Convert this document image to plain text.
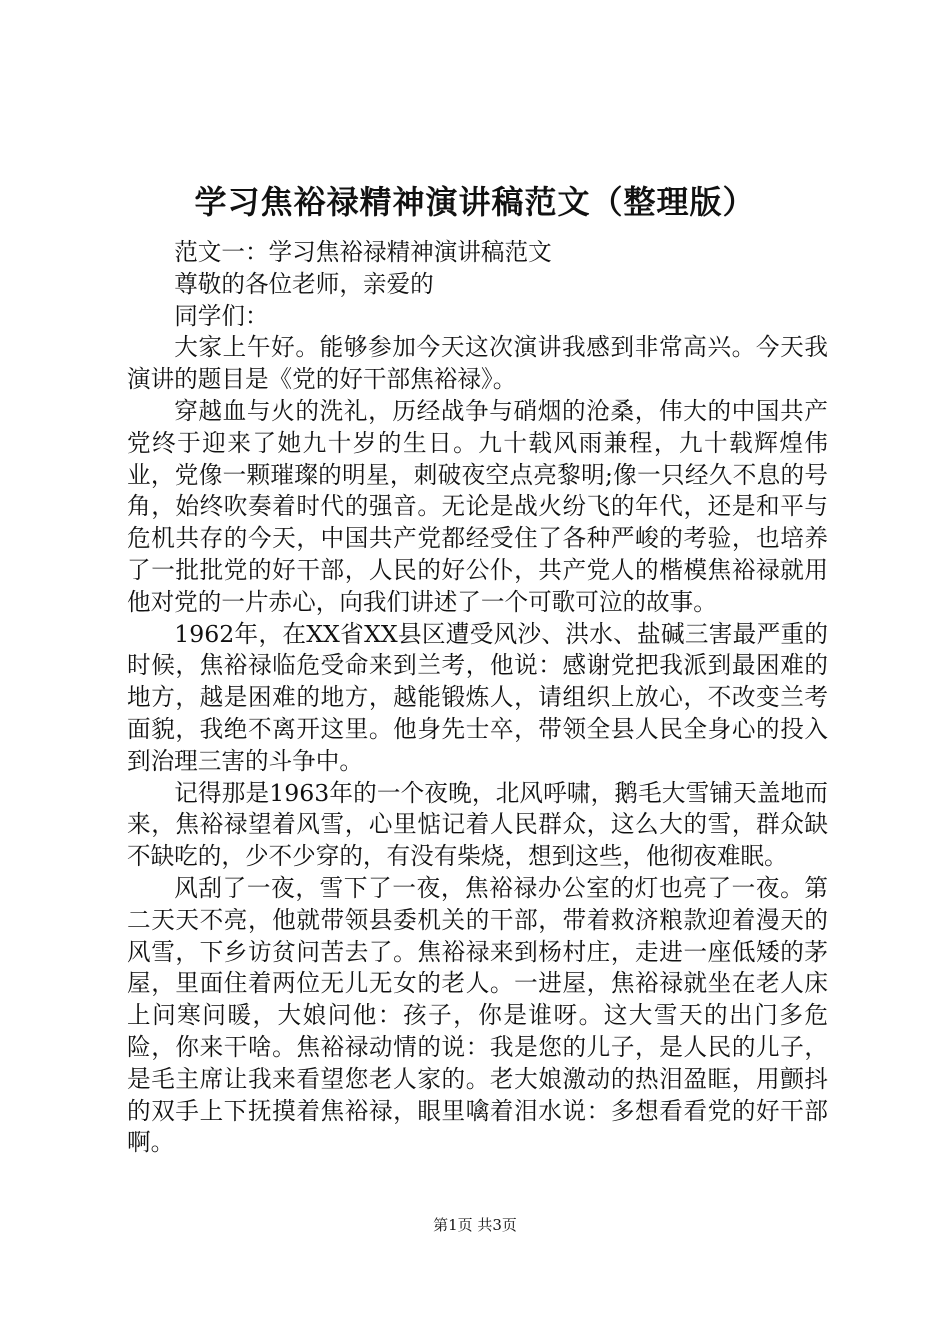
学习焦裕禄精神演讲稿范文（整理版）

范文一：学习焦裕禄精神演讲稿范文

尊敬的各位老师，亲爱的

同学们：

大家上午好。能够参加今天这次演讲我感到非常高兴。今天我演讲的题目是《党的好干部焦裕禄》。

穿越血与火的洗礼，历经战争与硝烟的沧桑，伟大的中国共产党终于迎来了她九十岁的生日。九十载风雨兼程，九十载辉煌伟业，党像一颗璀璨的明星，刺破夜空点亮黎明;像一只经久不息的号角，始终吹奏着时代的强音。无论是战火纷飞的年代，还是和平与危机共存的今天，中国共产党都经受住了各种严峻的考验，也培养了一批批党的好干部，人民的好公仆，共产党人的楷模焦裕禄就用他对党的一片赤心，向我们讲述了一个可歌可泣的故事。

1962年，在XX省XX县区遭受风沙、洪水、盐碱三害最严重的时候，焦裕禄临危受命来到兰考，他说：感谢党把我派到最困难的地方，越是困难的地方，越能锻炼人，请组织上放心，不改变兰考面貌，我绝不离开这里。他身先士卒，带领全县人民全身心的投入到治理三害的斗争中。

记得那是1963年的一个夜晚，北风呼啸，鹅毛大雪铺天盖地而来，焦裕禄望着风雪，心里惦记着人民群众，这么大的雪，群众缺不缺吃的，少不少穿的，有没有柴烧，想到这些，他彻夜难眠。

风刮了一夜，雪下了一夜，焦裕禄办公室的灯也亮了一夜。第二天天不亮，他就带领县委机关的干部，带着救济粮款迎着漫天的风雪，下乡访贫问苦去了。焦裕禄来到杨村庄，走进一座低矮的茅屋，里面住着两位无儿无女的老人。一进屋，焦裕禄就坐在老人床上问寒问暖，大娘问他：孩子，你是谁呀。这大雪天的出门多危险，你来干啥。焦裕禄动情的说：我是您的儿子，是人民的儿子，是毛主席让我来看望您老人家的。老大娘激动的热泪盈眶，用颤抖的双手上下抚摸着焦裕禄，眼里噙着泪水说：多想看看党的好干部啊。

第1页 共3页
